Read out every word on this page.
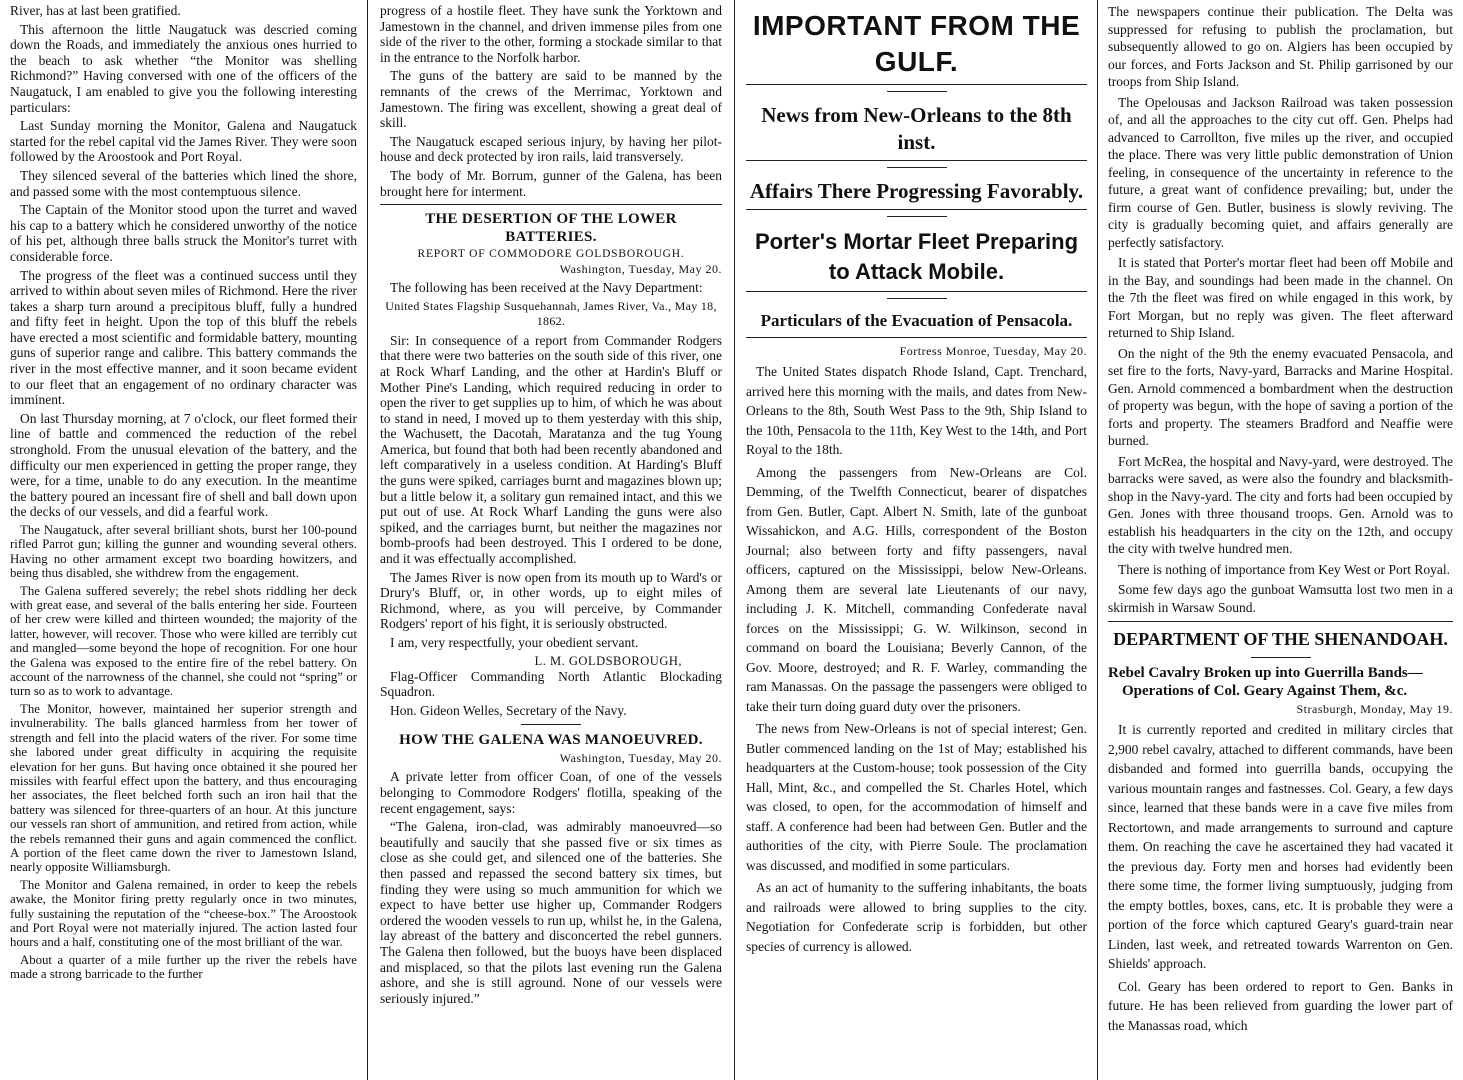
River, has at last been gratified.

This afternoon the little Naugatuck was descried coming down the Roads, and immediately the anxious ones hurried to the beach to ask whether “the Monitor was shelling Richmond?” Having conversed with one of the officers of the Naugatuck, I am enabled to give you the following interesting particulars:

Last Sunday morning the Monitor, Galena and Naugatuck started for the rebel capital vid the James River. They were soon followed by the Aroostook and Port Royal.

They silenced several of the batteries which lined the shore, and passed some with the most contemptuous silence.

The Captain of the Monitor stood upon the turret and waved his cap to a battery which he considered unworthy of the notice of his pet, although three balls struck the Monitor's turret with considerable force.

The progress of the fleet was a continued success until they arrived to within about seven miles of Richmond. Here the river takes a sharp turn around a precipitous bluff, fully a hundred and fifty feet in height. Upon the top of this bluff the rebels have erected a most scientific and formidable battery, mounting guns of superior range and calibre. This battery commands the river in the most effective manner, and it soon became evident to our fleet that an engagement of no ordinary character was imminent.

On last Thursday morning, at 7 o'clock, our fleet formed their line of battle and commenced the reduction of the rebel stronghold. From the unusual elevation of the battery, and the difficulty our men experienced in getting the proper range, they were, for a time, unable to do any execution. In the meantime the battery poured an incessant fire of shell and ball down upon the decks of our vessels, and did a fearful work.

The Naugatuck, after several brilliant shots, burst her 100-pound rifled Parrot gun; killing the gunner and wounding several others. Having no other armament except two boarding howitzers, and being thus disabled, she withdrew from the engagement.

The Galena suffered severely; the rebel shots riddling her deck with great ease, and several of the balls entering her side. Fourteen of her crew were killed and thirteen wounded; the majority of the latter, however, will recover. Those who were killed are terribly cut and mangled—some beyond the hope of recognition. For one hour the Galena was exposed to the entire fire of the rebel battery. On account of the narrowness of the channel, she could not “spring” or turn so as to work to advantage.

The Monitor, however, maintained her superior strength and invulnerability. The balls glanced harmless from her tower of strength and fell into the placid waters of the river. For some time she labored under great difficulty in acquiring the requisite elevation for her guns. But having once obtained it she poured her missiles with fearful effect upon the battery, and thus encouraging her associates, the fleet belched forth such an iron hail that the battery was silenced for three-quarters of an hour. At this juncture our vessels ran short of ammunition, and retired from action, while the rebels remanned their guns and again commenced the conflict. A portion of the fleet came down the river to Jamestown Island, nearly opposite Williamsburgh.

The Monitor and Galena remained, in order to keep the rebels awake, the Monitor firing pretty regularly once in two minutes, fully sustaining the reputation of the “cheese-box.” The Aroostook and Port Royal were not materially injured. The action lasted four hours and a half, constituting one of the most brilliant of the war.

About a quarter of a mile further up the river the rebels have made a strong barricade to the further

progress of a hostile fleet. They have sunk the Yorktown and Jamestown in the channel, and driven immense piles from one side of the river to the other, forming a stockade similar to that in the entrance to the Norfolk harbor.

The guns of the battery are said to be manned by the remnants of the crews of the Merrimac, Yorktown and Jamestown. The firing was excellent, showing a great deal of skill.

The Naugatuck escaped serious injury, by having her pilot-house and deck protected by iron rails, laid transversely.

The body of Mr. Borrum, gunner of the Galena, has been brought here for interment.

THE DESERTION OF THE LOWER BATTERIES.
REPORT OF COMMODORE GOLDSBOROUGH.
Washington, Tuesday, May 20.

The following has been received at the Navy Department:

United States Flagship Susquehannah, James River, Va., May 18, 1862.

Sir: In consequence of a report from Commander Rodgers that there were two batteries on the south side of this river, one at Rock Wharf Landing, and the other at Hardin's Bluff or Mother Pine's Landing, which required reducing in order to open the river to get supplies up to him, of which he was about to stand in need, I moved up to them yesterday with this ship, the Wachusett, the Dacotah, Maratanza and the tug Young America, but found that both had been recently abandoned and left comparatively in a useless condition. At Harding's Bluff the guns were spiked, carriages burnt and magazines blown up; but a little below it, a solitary gun remained intact, and this we put out of use. At Rock Wharf Landing the guns were also spiked, and the carriages burnt, but neither the magazines nor bomb-proofs had been destroyed. This I ordered to be done, and it was effectually accomplished.

The James River is now open from its mouth up to Ward's or Drury's Bluff, or, in other words, up to eight miles of Richmond, where, as you will perceive, by Commander Rodgers' report of his fight, it is seriously obstructed.

I am, very respectfully, your obedient servant.

L. M. GOLDSBOROUGH,

Flag-Officer Commanding North Atlantic Blockading Squadron.

Hon. Gideon Welles, Secretary of the Navy.

HOW THE GALENA WAS MANOEUVRED.
Washington, Tuesday, May 20.

A private letter from officer Coan, of one of the vessels belonging to Commodore Rodgers' flotilla, speaking of the recent engagement, says:

“The Galena, iron-clad, was admirably manoeuvred—so beautifully and saucily that she passed five or six times as close as she could get, and silenced one of the batteries. She then passed and repassed the second battery six times, but finding they were using so much ammunition for which we expect to have better use higher up, Commander Rodgers ordered the wooden vessels to run up, whilst he, in the Galena, lay abreast of the battery and disconcerted the rebel gunners. The Galena then followed, but the buoys have been displaced and misplaced, so that the pilots last evening run the Galena ashore, and she is still aground. None of our vessels were seriously injured.”

IMPORTANT FROM THE GULF.
News from New-Orleans to the 8th inst.
Affairs There Progressing Favorably.
Porter's Mortar Fleet Preparing to Attack Mobile.
Particulars of the Evacuation of Pensacola.
Fortress Monroe, Tuesday, May 20.

The United States dispatch Rhode Island, Capt. Trenchard, arrived here this morning with the mails, and dates from New-Orleans to the 8th, South West Pass to the 9th, Ship Island to the 10th, Pensacola to the 11th, Key West to the 14th, and Port Royal to the 18th.

Among the passengers from New-Orleans are Col. Demming, of the Twelfth Connecticut, bearer of dispatches from Gen. Butler, Capt. Albert N. Smith, late of the gunboat Wissahickon, and A.G. Hills, correspondent of the Boston Journal; also between forty and fifty passengers, naval officers, captured on the Mississippi, below New-Orleans. Among them are several late Lieutenants of our navy, including J. K. Mitchell, commanding Confederate naval forces on the Mississippi; G. W. Wilkinson, second in command on board the Louisiana; Beverly Cannon, of the Gov. Moore, destroyed; and R. F. Warley, commanding the ram Manassas. On the passage the passengers were obliged to take their turn doing guard duty over the prisoners.

The news from New-Orleans is not of special interest; Gen. Butler commenced landing on the 1st of May; established his headquarters at the Custom-house; took possession of the City Hall, Mint, &c., and compelled the St. Charles Hotel, which was closed, to open, for the accommodation of himself and staff. A conference had been had between Gen. Butler and the authorities of the city, with Pierre Soule. The proclamation was discussed, and modified in some particulars.

As an act of humanity to the suffering inhabitants, the boats and railroads were allowed to bring supplies to the city. Negotiation for Confederate scrip is forbidden, but other species of currency is allowed.

The newspapers continue their publication. The Delta was suppressed for refusing to publish the proclamation, but subsequently allowed to go on. Algiers has been occupied by our forces, and Forts Jackson and St. Philip garrisoned by our troops from Ship Island.

The Opelousas and Jackson Railroad was taken possession of, and all the approaches to the city cut off. Gen. Phelps had advanced to Carrollton, five miles up the river, and occupied the place. There was very little public demonstration of Union feeling, in consequence of the uncertainty in reference to the future, a great want of confidence prevailing; but, under the firm course of Gen. Butler, business is slowly reviving. The city is gradually becoming quiet, and affairs generally are perfectly satisfactory.

It is stated that Porter's mortar fleet had been off Mobile and in the Bay, and soundings had been made in the channel. On the 7th the fleet was fired on while engaged in this work, by Fort Morgan, but no reply was given. The fleet afterward returned to Ship Island.

On the night of the 9th the enemy evacuated Pensacola, and set fire to the forts, Navy-yard, Barracks and Marine Hospital. Gen. Arnold commenced a bombardment when the destruction of property was begun, with the hope of saving a portion of the forts and property. The steamers Bradford and Neaffie were burned.

Fort McRea, the hospital and Navy-yard, were destroyed. The barracks were saved, as were also the foundry and blacksmith-shop in the Navy-yard. The city and forts had been occupied by Gen. Jones with three thousand troops. Gen. Arnold was to establish his headquarters in the city on the 12th, and occupy the city with twelve hundred men.

There is nothing of importance from Key West or Port Royal.

Some few days ago the gunboat Wamsutta lost two men in a skirmish in Warsaw Sound.

DEPARTMENT OF THE SHENANDOAH.
Rebel Cavalry Broken up into Guerrilla Bands—Operations of Col. Geary Against Them, &c.
Strasburgh, Monday, May 19.

It is currently reported and credited in military circles that 2,900 rebel cavalry, attached to different commands, have been disbanded and formed into guerrilla bands, occupying the various mountain ranges and fastnesses. Col. Geary, a few days since, learned that these bands were in a cave five miles from Rectortown, and made arrangements to surround and capture them. On reaching the cave he ascertained they had vacated it the previous day. Forty men and horses had evidently been there some time, the former living sumptuously, judging from the empty bottles, boxes, cans, etc. It is probable they were a portion of the force which captured Geary's guard-train near Linden, last week, and retreated towards Warrenton on Gen. Shields' approach.

Col. Geary has been ordered to report to Gen. Banks in future. He has been relieved from guarding the lower part of the Manassas road, which
